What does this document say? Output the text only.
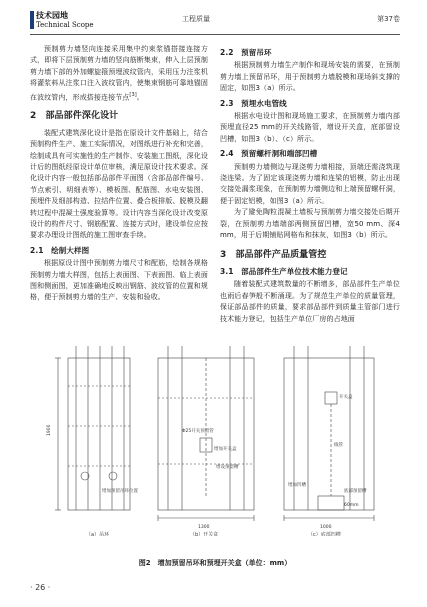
技术园地
Technical Scope
工程质量	第37卷

预制剪力墙竖向连接采用集中约束浆锚搭接连接方式，即将下层预制剪力墙的竖向筋断集束，伸入上层预制剪力墙下部的外加螺旋箍预埋波纹管内，采用压力注浆机将灌浆料从注浆口注入波纹管内，使集束钢筋可靠地锚固在波纹管内，形成搭接连接节点[3]。

2　部品部件深化设计

装配式建筑深化设计是指在原设计文件基础上，结合预制构件生产、施工实际情况，对图纸进行补充和完善，绘制成具有可实施性的生产制作、安装施工图纸，深化设计后的图纸经原设计单位审核，满足原设计技术要求。深化设计内容一般包括部品部件平面图（含部品部件编号、节点索引、明细表等）、模板图、配筋图、水电安装图、预埋件及细部构造、拉结件位置、叠合板排版、脱模及翻转过程中混凝土强度验算等。设计内容当深化设计改变原设计的构件尺寸、钢筋配置、连接方式时，建设单位应按要求办理设计图纸的施工图审查手续。

2.1　绘制大样图

根据原设计图中预制剪力墙尺寸和配筋，绘制各规格预制剪力墙大样图，包括上表面图、下表面图、临上表面图和侧面图，更加准确地反映出钢筋、波纹管的位置和规格，便于预制剪力墙的生产、安装和验收。

2.2　预留吊环

根据预制剪力墙生产制作和现场安装的需要，在预制剪力墙上预留吊环，用于预制剪力墙脱模和现场斜支撑的固定，如图3（a）所示。

2.3　预埋水电管线

根据水电设计图和现场施工要求，在预制剪力墙内部预埋直径25 mm的开关线路管，增设开关盒，底部留设凹槽，如图3（b）、（c）所示。

2.4　预留螺杆洞和端部凹槽

预制剪力墙侧边与现浇剪力墙相接，顶端还需浇筑现浇连梁。为了固定该现浇剪力墙和连梁的铝模，防止出现交接处漏浆现象，在预制剪力墙侧边和上端预留螺杆洞，便于固定铝模，如图3（a）所示。

为了避免陶粒混凝土墙板与预制剪力墙交接处后期开裂，在预制剪力墙端部两侧预留凹槽，宽50 mm、深4 mm，用于后期铺贴网格布和抹灰，如图3（b）所示。

3　部品部件产品质量管控
3.1　部品部件生产单位技术能力登记

随着装配式建筑数量的不断增多，部品部件生产单位也雨后春笋般不断涌现。为了规范生产单位的质量管理，保证部品部件的质量，要求部品部件到质量主管部门进行技术能力登记，包括生产单位厂房的占地面

1900
增加预留吊环位置
Φ25开关预留管
增加开关盒
增设预留槽
1300
开关盒
线管
底部预留槽
增加凹槽
60mm
1000
（a）吊环	（b）开关盒	（c）底部凹槽
图2　增加预留吊环和预埋开关盒（单位：mm）
· 26 ·
